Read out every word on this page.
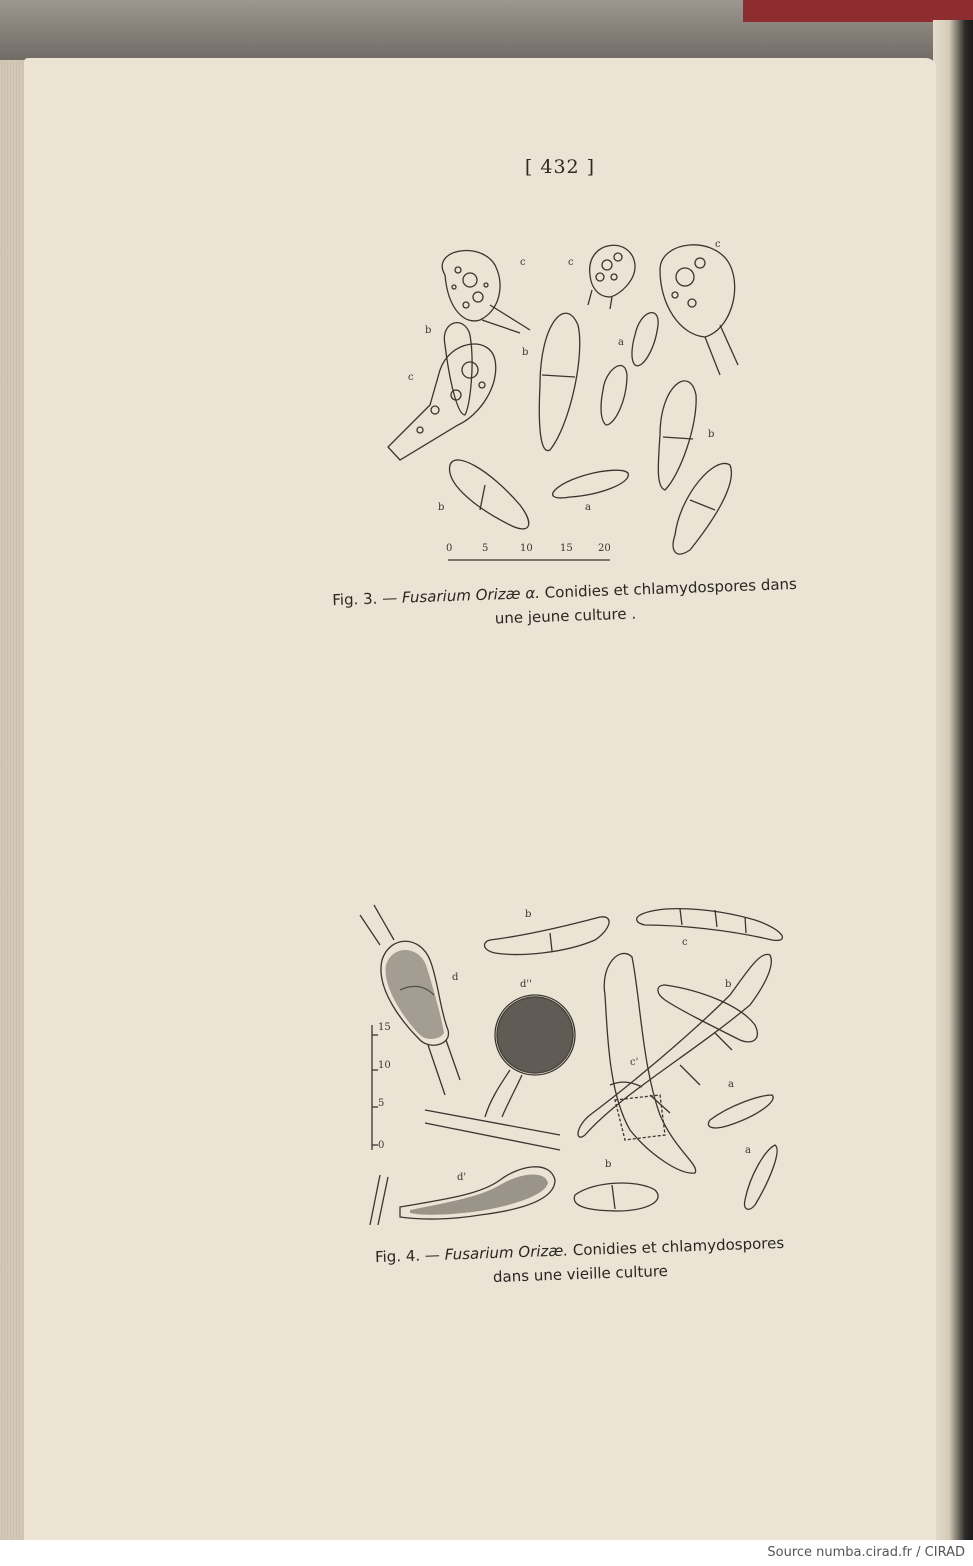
[ 432 ]
c	c
c
b
c
b
a
b
b	a
0	5	10	15	20
Fig. 3. — Fusarium Orizæ α. Conidies et chlamydospores dans
une jeune culture .
15
10
5
0
b
c
d
d''	b
c'
a
a
b
d'
Fig. 4. — Fusarium Orizæ. Conidies et chlamydospores
dans une vieille culture
Source numba.cirad.fr / CIRAD
